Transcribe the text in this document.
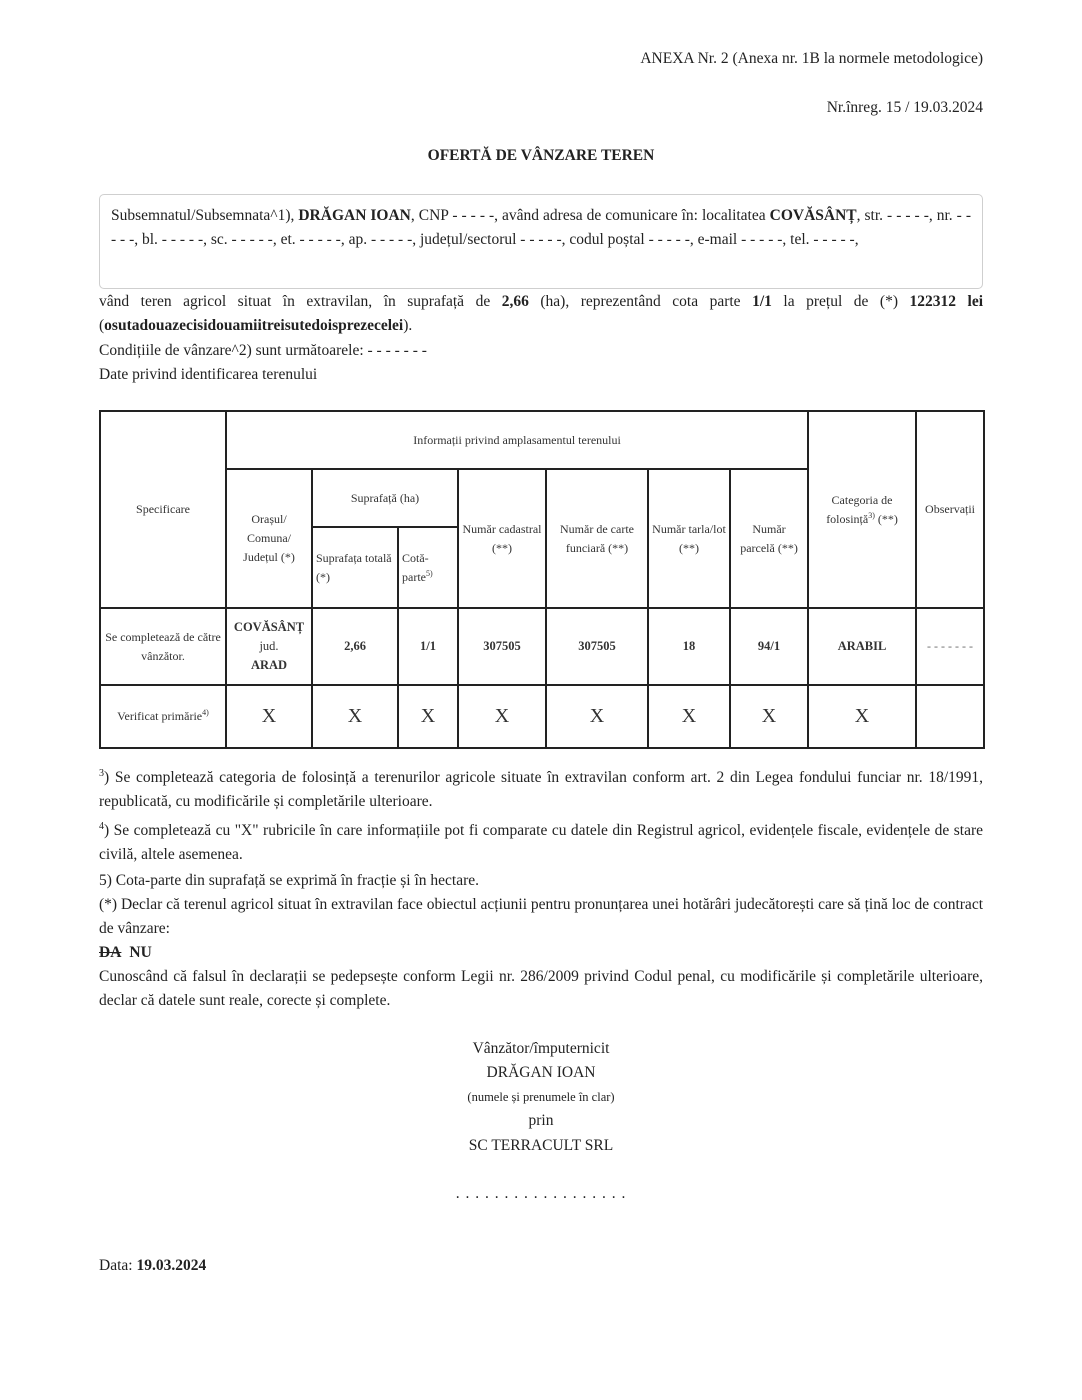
ANEXA Nr. 2 (Anexa nr. 1B la normele metodologice)
Nr.înreg. 15 / 19.03.2024
OFERTĂ DE VÂNZARE TEREN
Subsemnatul/Subsemnata^1), DRĂGAN IOAN, CNP - - - - -, având adresa de comunicare în: localitatea COVĂSÂNȚ, str. - - - - -, nr. - - - - -, bl. - - - - -, sc. - - - - -, et. - - - - -, ap. - - - - -, județul/sectorul - - - - -, codul poștal - - - - -, e-mail - - - - -, tel. - - - - -,
vând teren agricol situat în extravilan, în suprafață de 2,66 (ha), reprezentând cota parte 1/1 la prețul de (*) 122312 lei (osutadouazecisidouamiitreisutedoisprezecelei).
Condițiile de vânzare^2) sunt următoarele: - - - - - - -
Date privind identificarea terenului
Specificare	Informații privind amplasamentul terenului							Categoria de folosință$^{3)}$ (**)	Observații
	Orașul/ Comuna/ Județul (*)	Suprafață (ha)		Număr cadastral (**)	Număr de carte funciară (**)	Număr tarla/lot (**)	Număr parcelă (**)		
		Suprafața totală (*)	Cotă-parte$^{5)}$
Se completează de către vânzător.	COVĂSÂNȚ
jud.
ARAD	2,66	1/1	307505	307505	18	94/1	ARABIL	- - - - - - -
Verificat primărie$^{4)}$	X	X	X	X	X	X	X	X	
$^3$) Se completează categoria de folosință a terenurilor agricole situate în extravilan conform art. 2 din Legea fondului funciar nr. 18/1991, republicată, cu modificările și completările ulterioare.
$^4$) Se completează cu "X" rubricile în care informațiile pot fi comparate cu datele din Registrul agricol, evidențele fiscale, evidențele de stare civilă, altele asemenea.
5) Cota-parte din suprafață se exprimă în fracție și în hectare.
(*) Declar că terenul agricol situat în extravilan face obiectul acțiunii pentru pronunțarea unei hotărâri judecătorești care să țină loc de contract de vânzare:
DA NU
Cunoscând că falsul în declarații se pedepsește conform Legii nr. 286/2009 privind Codul penal, cu modificările și completările ulterioare, declar că datele sunt reale, corecte și complete.
Vânzător/împuternicit
DRĂGAN IOAN
(numele și prenumele în clar)
prin
SC TERRACULT SRL
. . . . . . . . . . . . . . . . . .
Data: 19.03.2024
